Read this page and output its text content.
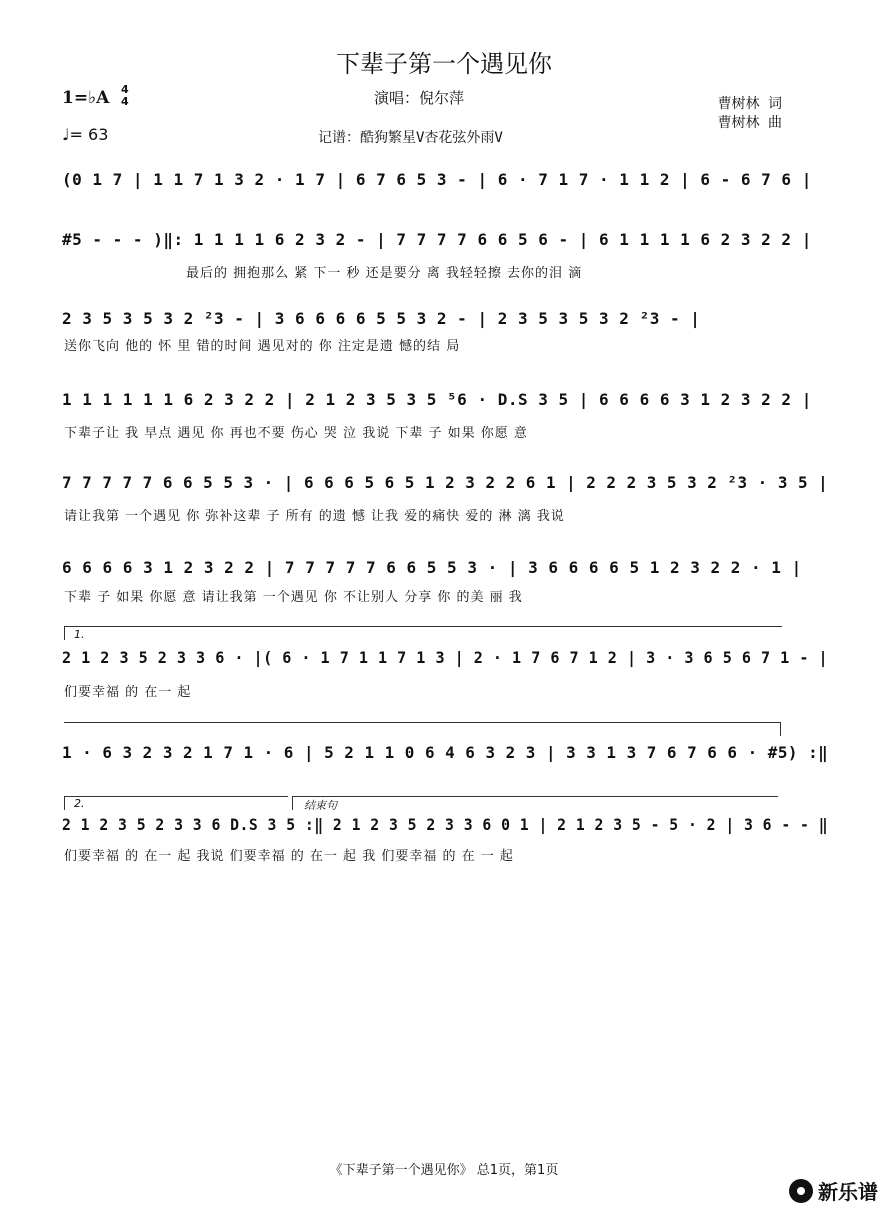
下辈子第一个遇见你
1=♭A 4
4
♩= 63
演唱：倪尔萍	曹树林 词
曹树林 曲
记谱：酷狗繁星V杏花弦外雨V
1.
2.	结束句
(0 1 7 | 1 1 7 1 3 2 · 1 7 | 6 7 6 5 3 - | 6 · 7 1 7 · 1 1 2 | 6 - 6 7 6 |
#5 - - - )‖: 1 1 1 1 6 2 3 2 - | 7 7 7 7 6 6 5 6 - | 6 1 1 1 1 6 2 3 2 2 |
最后的 拥抱那么 紧 下一 秒 还是要分 离 我轻轻擦 去你的泪 滴
2 3 5 3 5 3 2 ²3 - | 3 6 6 6 6 5 5 3 2 - | 2 3 5 3 5 3 2 ²3 - |
送你飞向 他的 怀 里 错的时间 遇见对的 你 注定是遗 憾的结 局
1 1 1 1 1 1 6 2 3 2 2 | 2 1 2 3 5 3 5 ⁵6 · D.S 3 5 | 6 6 6 6 3 1 2 3 2 2 |
下辈子让 我 早点 遇见 你 再也不要 伤心 哭 泣 我说 下辈 子 如果 你愿 意
7 7 7 7 7 6 6 5 5 3 · | 6 6 6 5 6 5 1 2 3 2 2 6 1 | 2 2 2 3 5 3 2 ²3 · 3 5 |
请让我第 一个遇见 你 弥补这辈 子 所有 的遗 憾 让我 爱的痛快 爱的 淋 漓 我说
6 6 6 6 3 1 2 3 2 2 | 7 7 7 7 7 6 6 5 5 3 · | 3 6 6 6 6 5 1 2 3 2 2 · 1 |
下辈 子 如果 你愿 意 请让我第 一个遇见 你 不让别人 分享 你 的美 丽 我
2 1 2 3 5 2 3 3 6 · |( 6 · 1 7 1 1 7 1 3 | 2 · 1 7 6 7 1 2 | 3 · 3 6 5 6 7 1 - |
们要幸福 的 在一 起
1 · 6 3 2 3 2 1 7 1 · 6 | 5 2 1 1 0 6 4 6 3 2 3 | 3 3 1 3 7 6 7 6 6 · #5) :‖
2 1 2 3 5 2 3 3 6 D.S 3 5 :‖ 2 1 2 3 5 2 3 3 6 0 1 | 2 1 2 3 5 - 5 · 2 | 3 6 - - ‖
们要幸福 的 在一 起 我说 们要幸福 的 在一 起 我 们要幸福 的 在 一 起
《下辈子第一个遇见你》 总1页，第1页
新乐谱
